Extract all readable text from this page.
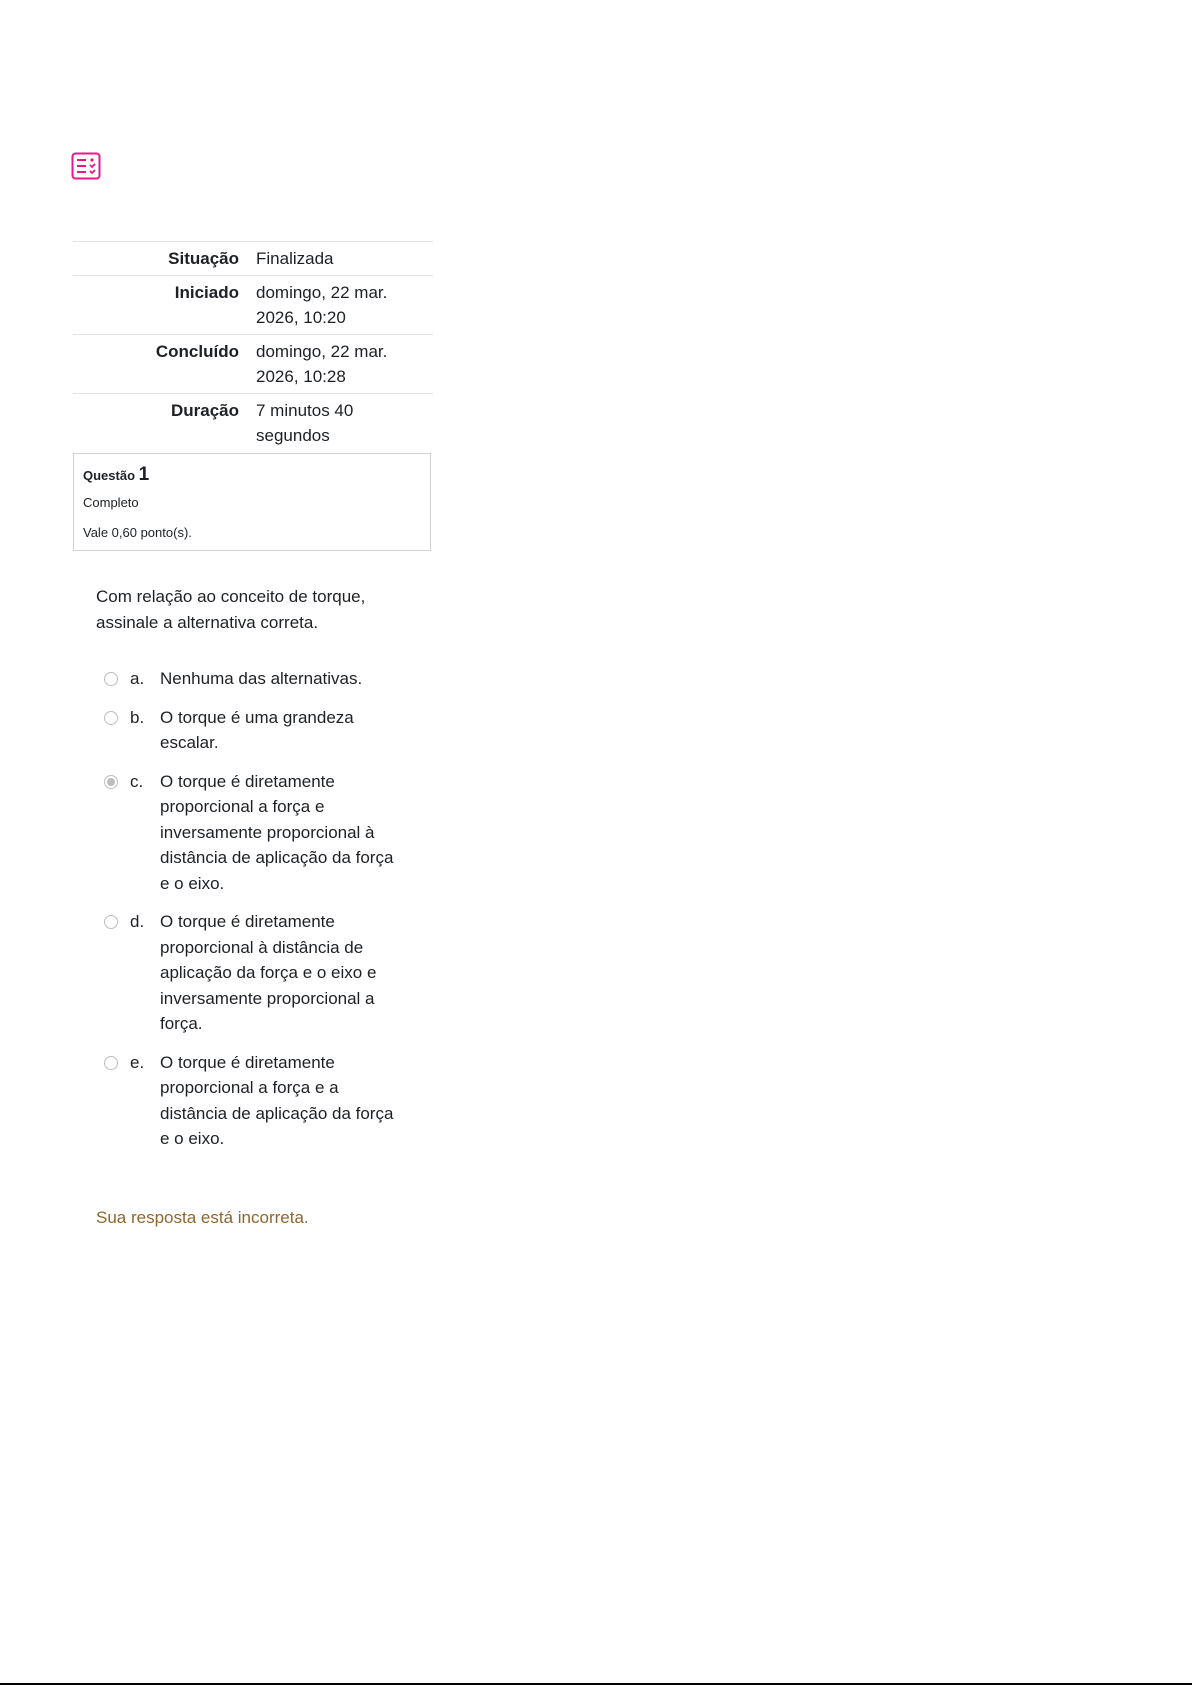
Situação	Finalizada
Iniciado	domingo, 22 mar. 2026, 10:20
Concluído	domingo, 22 mar. 2026, 10:28
Duração	7 minutos 40 segundos
Questão 1
Completo
Vale 0,60 ponto(s).
Com relação ao conceito de torque, assinale a alternativa correta.
a. Nenhuma das alternativas.
b. O torque é uma grandeza escalar.
c. O torque é diretamente proporcional a força e inversamente proporcional à distância de aplicação da força e o eixo.
d. O torque é diretamente proporcional à distância de aplicação da força e o eixo e inversamente proporcional a força.
e. O torque é diretamente proporcional a força e a distância de aplicação da força e o eixo.
Sua resposta está incorreta.
